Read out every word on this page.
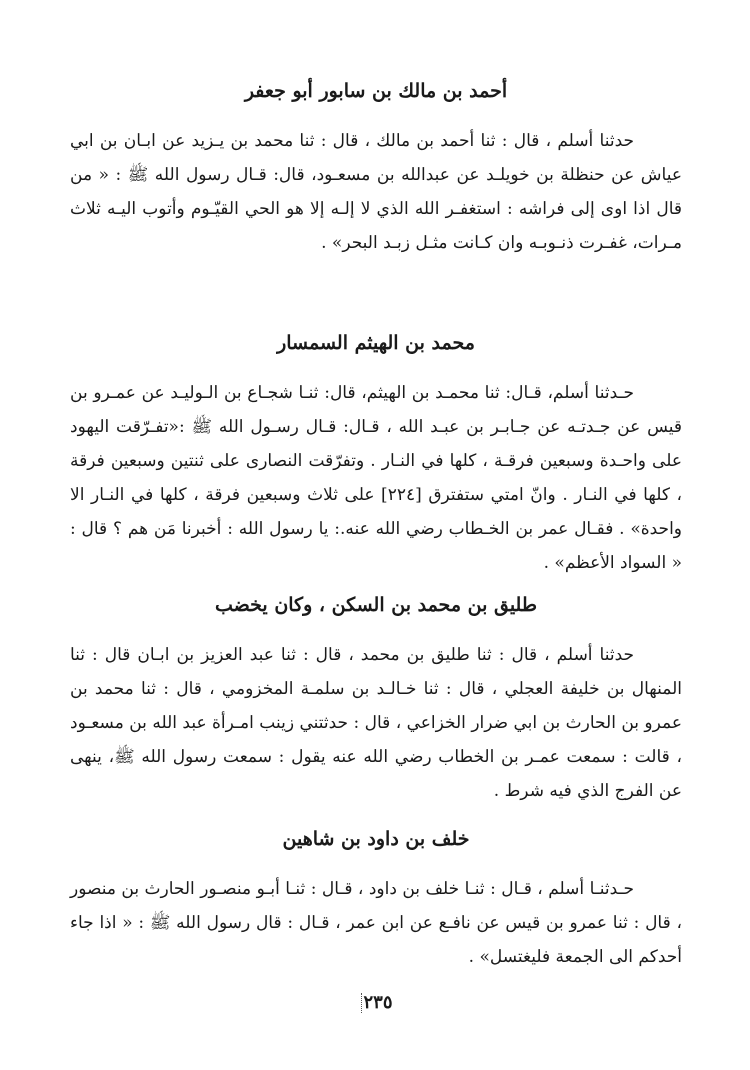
أحمد بن مالك بن سابور أبو جعفر

حدثنا أسلم ، قال : ثنا أحمد بن مالك ، قال : ثنا محمد بن يـزيد عن ابـان بن ابي عياش عن حنظلة بن خويلـد عن عبدالله بن مسعـود، قال: قـال رسول الله ﷺ : « من قال اذا اوى إلى فراشه : استغفـر الله الذي لا إلـه إلا هو الحي القيّـوم وأتوب اليـه ثلاث مـرات، غفـرت ذنـوبـه وان كـانت مثـل زبـد البحر» .

محمد بن الهيثم السمسار

حـدثنا أسلم، قـال: ثنا محمـد بن الهيثم، قال: ثنـا شجـاع بن الـوليـد عن عمـرو بن قيس عن جـدتـه عن جـابـر بن عبـد الله ، قـال: قـال رسـول الله ﷺ :«تفـرّقت اليهود على واحـدة وسبعين فرقـة ، كلها في النـار . وتفرّقت النصارى على ثنتين وسبعين فرقة ، كلها في النـار . وانّ امتي ستفترق [٢٢٤] على ثلاث وسبعين فرقة ، كلها في النـار الا واحدة» . فقـال عمر بن الخـطاب رضي الله عنه.: يا رسول الله : أخبرنا مَن هم ؟ قال : « السواد الأعظم» .

طليق بن محمد بن السكن ، وكان يخضب

حدثنا أسلم ، قال : ثنا طليق بن محمد ، قال : ثنا عبد العزيز بن ابـان قال : ثنا المنهال بن خليفة العجلي ، قال : ثنا خـالـد بن سلمـة المخزومي ، قال : ثنا محمد بن عمرو بن الحارث بن ابي ضرار الخزاعي ، قال : حدثتني زينب امـرأة عبد الله بن مسعـود ، قالت : سمعت عمـر بن الخطاب رضي الله عنه يقول : سمعت رسول الله ﷺ، ينهى عن الفرج الذي فيه شرط .

خلف بن داود بن شاهين

حـدثنـا أسلم ، قـال : ثنـا خلف بن داود ، قـال : ثنـا أبـو منصـور الحارث بن منصور ، قال : ثنا عمرو بن قيس عن نافـع عن ابن عمر ، قـال : قال رسول الله ﷺ : « اذا جاء أحدكم الى الجمعة فليغتسل» .

٢٣٥
